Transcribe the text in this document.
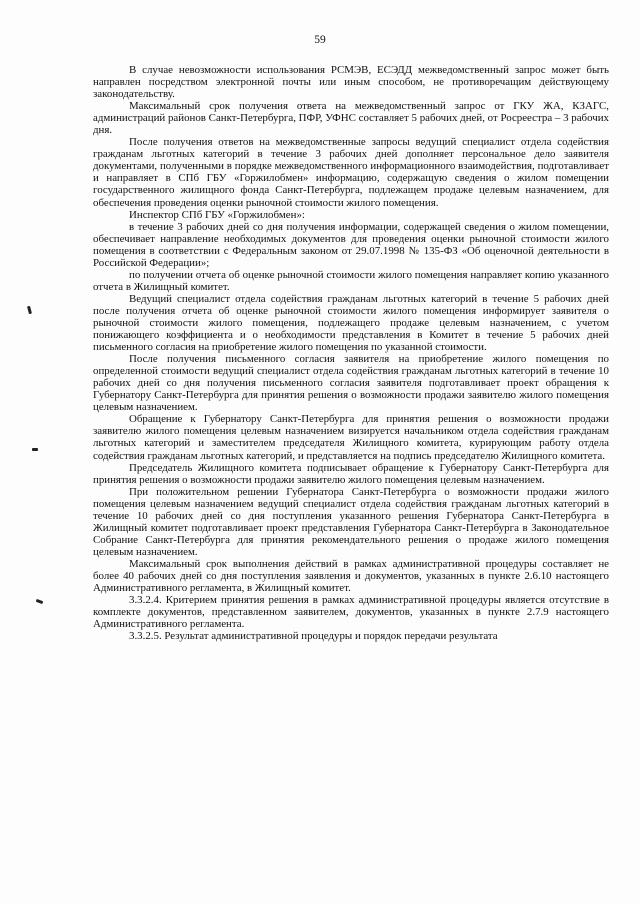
59

В случае невозможности использования РСМЭВ, ЕСЭДД межведомственный запрос может быть направлен посредством электронной почты или иным способом, не противоречащим действующему законодательству.

Максимальный срок получения ответа на межведомственный запрос от ГКУ ЖА, КЗАГС, администраций районов Санкт-Петербурга, ПФР, УФНС составляет 5 рабочих дней, от Росреестра – 3 рабочих дня.

После получения ответов на межведомственные запросы ведущий специалист отдела содействия гражданам льготных категорий в течение 3 рабочих дней дополняет персональное дело заявителя документами, полученными в порядке межведомственного информационного взаимодействия, подготавливает и направляет в СПб ГБУ «Горжилобмен» информацию, содержащую сведения о жилом помещении государственного жилищного фонда Санкт-Петербурга, подлежащем продаже целевым назначением, для обеспечения проведения оценки рыночной стоимости жилого помещения.

Инспектор СПб ГБУ «Горжилобмен»:

в течение 3 рабочих дней со дня получения информации, содержащей сведения о жилом помещении, обеспечивает направление необходимых документов для проведения оценки рыночной стоимости жилого помещения в соответствии с Федеральным законом от 29.07.1998 № 135-ФЗ «Об оценочной деятельности в Российской Федерации»;

по получении отчета об оценке рыночной стоимости жилого помещения направляет копию указанного отчета в Жилищный комитет.

Ведущий специалист отдела содействия гражданам льготных категорий в течение 5 рабочих дней после получения отчета об оценке рыночной стоимости жилого помещения информирует заявителя о рыночной стоимости жилого помещения, подлежащего продаже целевым назначением, с учетом понижающего коэффициента и о необходимости представления в Комитет в течение 5 рабочих дней письменного согласия на приобретение жилого помещения по указанной стоимости.

После получения письменного согласия заявителя на приобретение жилого помещения по определенной стоимости ведущий специалист отдела содействия гражданам льготных категорий в течение 10 рабочих дней со дня получения письменного согласия заявителя подготавливает проект обращения к Губернатору Санкт-Петербурга для принятия решения о возможности продажи заявителю жилого помещения целевым назначением.

Обращение к Губернатору Санкт-Петербурга для принятия решения о возможности продажи заявителю жилого помещения целевым назначением визируется начальником отдела содействия гражданам льготных категорий и заместителем председателя Жилищного комитета, курирующим работу отдела содействия гражданам льготных категорий, и представляется на подпись председателю Жилищного комитета.

Председатель Жилищного комитета подписывает обращение к Губернатору Санкт-Петербурга для принятия решения о возможности продажи заявителю жилого помещения целевым назначением.

При положительном решении Губернатора Санкт-Петербурга о возможности продажи жилого помещения целевым назначением ведущий специалист отдела содействия гражданам льготных категорий в течение 10 рабочих дней со дня поступления указанного решения Губернатора Санкт-Петербурга в Жилищный комитет подготавливает проект представления Губернатора Санкт-Петербурга в Законодательное Собрание Санкт-Петербурга для принятия рекомендательного решения о продаже жилого помещения целевым назначением.

Максимальный срок выполнения действий в рамках административной процедуры составляет не более 40 рабочих дней со дня поступления заявления и документов, указанных в пункте 2.6.10 настоящего Административного регламента, в Жилищный комитет.

3.3.2.4. Критерием принятия решения в рамках административной процедуры является отсутствие в комплекте документов, представленном заявителем, документов, указанных в пункте 2.7.9 настоящего Административного регламента.

3.3.2.5. Результат административной процедуры и порядок передачи результата
